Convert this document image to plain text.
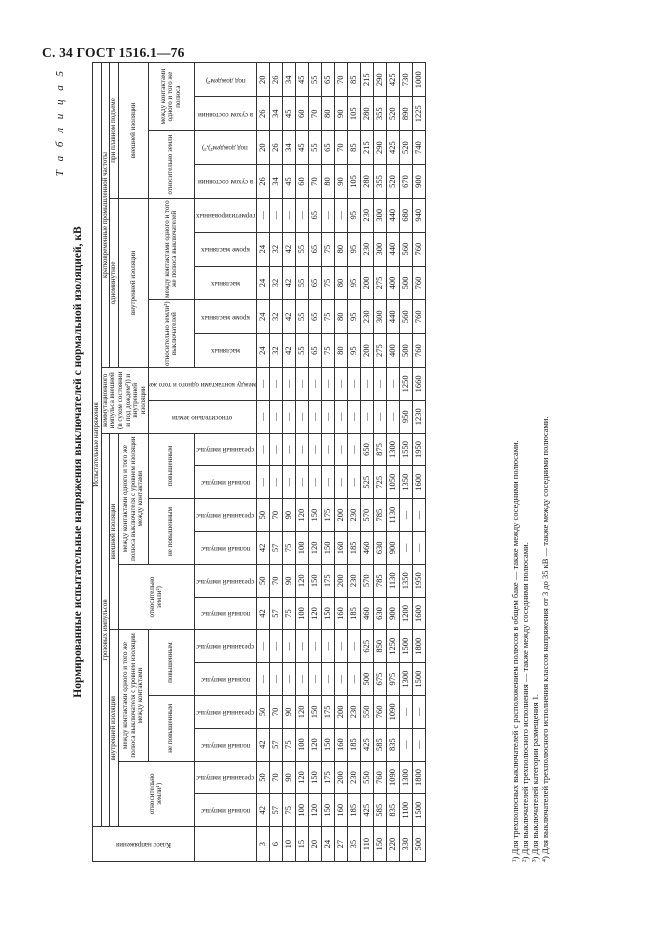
С. 34 ГОСТ 1516.1—76
Т а б л и ц а 5
Нормированные испытательные напряжения выключателей с нормальной изоляцией, кВ
Класс напряжения	Испытательные напряжения																						
	грозовых импульсов												коммутационного импульса внешней (в сухом состоянии и под дождем²)) и внутренней изоляции		кратковременные промышленной частоты								
	внутренней изоляции						внешней изоляции								одноминутное					при плавном подъеме			
	относительно земли¹)		между контактами одного и того же полюса выключателя с уровнем изоляции между контактами				относительно земли²)		между контактами одного и того же полюса выключателя с уровнем изоляции между контактами						внутренней изоляции					внешней изоляции			
			не повышенным		повышенным				не повышенным		повышенным		относительно земли	между контактами одного и того же	относительно земли³) выключателей		между контактами одного и того же полюса выключателей			относительно земли		между контактами одного и того же полюса	

	полный импульс	срезанный импульс	полный импульс	срезанный импульс	полный импульс	срезанный импульс	полный импульс	срезанный импульс	полный импульс	срезанный импульс	полный импульс	срезанный импульс			масляных	кроме масляных	масляных	кроме масляных	герметизированных	в сухом состоянии	под дождем²),³)	в сухом состоянии	под дождем²)

3	42	50	42	50	—	—	42	50	42	50	—	—	—	—	24	24	24	24	—	26	20	26	20
6	57	70	57	70	—	—	57	70	57	70	—	—	—	—	32	32	32	32	—	34	26	34	26
10	75	90	75	90	—	—	75	90	75	90	—	—	—	—	42	42	42	42	—	45	34	45	34
15	100	120	100	120	—	—	100	120	100	120	—	—	—	—	55	55	55	55	—	60	45	60	45
20	120	150	120	150	—	—	120	150	120	150	—	—	—	—	65	65	65	65	65	70	55	70	55
24	150	175	150	175	—	—	150	175	150	175	—	—	—	—	75	75	75	75	—	80	65	80	65
27	160	200	160	200	—	—	160	200	160	200	—	—	—	—	80	80	80	80	—	90	70	90	70
35	185	230	185	230	—	—	185	230	185	230	—	—	—	—	95	95	95	95	95	105	85	105	85
110	425	550	425	550	500	625	460	570	460	570	525	650	—	—	200	230	200	230	230	280	215	280	215
150	585	760	585	760	675	850	630	785	630	785	725	875	—	—	275	300	275	300	300	355	290	355	290
220	835	1090	835	1090	975	1250	900	1130	900	1130	1050	1300	—	—	400	440	400	440	440	520	425	520	425
330	1100	1300	—	—	1300	1500	1200	1350	—	—	1350	1550	950	1250	500	560	500	560	680	670	520	890	730
500	1500	1800	—	—	1500	1800	1600	1950	—	—	1600	1950	1230	1660	760	760	760	760	940	900	740	1225	1000

¹) Для трехполюсных выключателей с расположением полюсов в общем баке — также между соседними полюсами. ²) Для выключателей трехполюсного исполнения — также между соседними полюсами. ³) Для выключателей категории размещения 1. ⁴) Для выключателей трехполюсного исполнения классов напряжения от 3 до 35 кВ — также между соседними полюсами.
